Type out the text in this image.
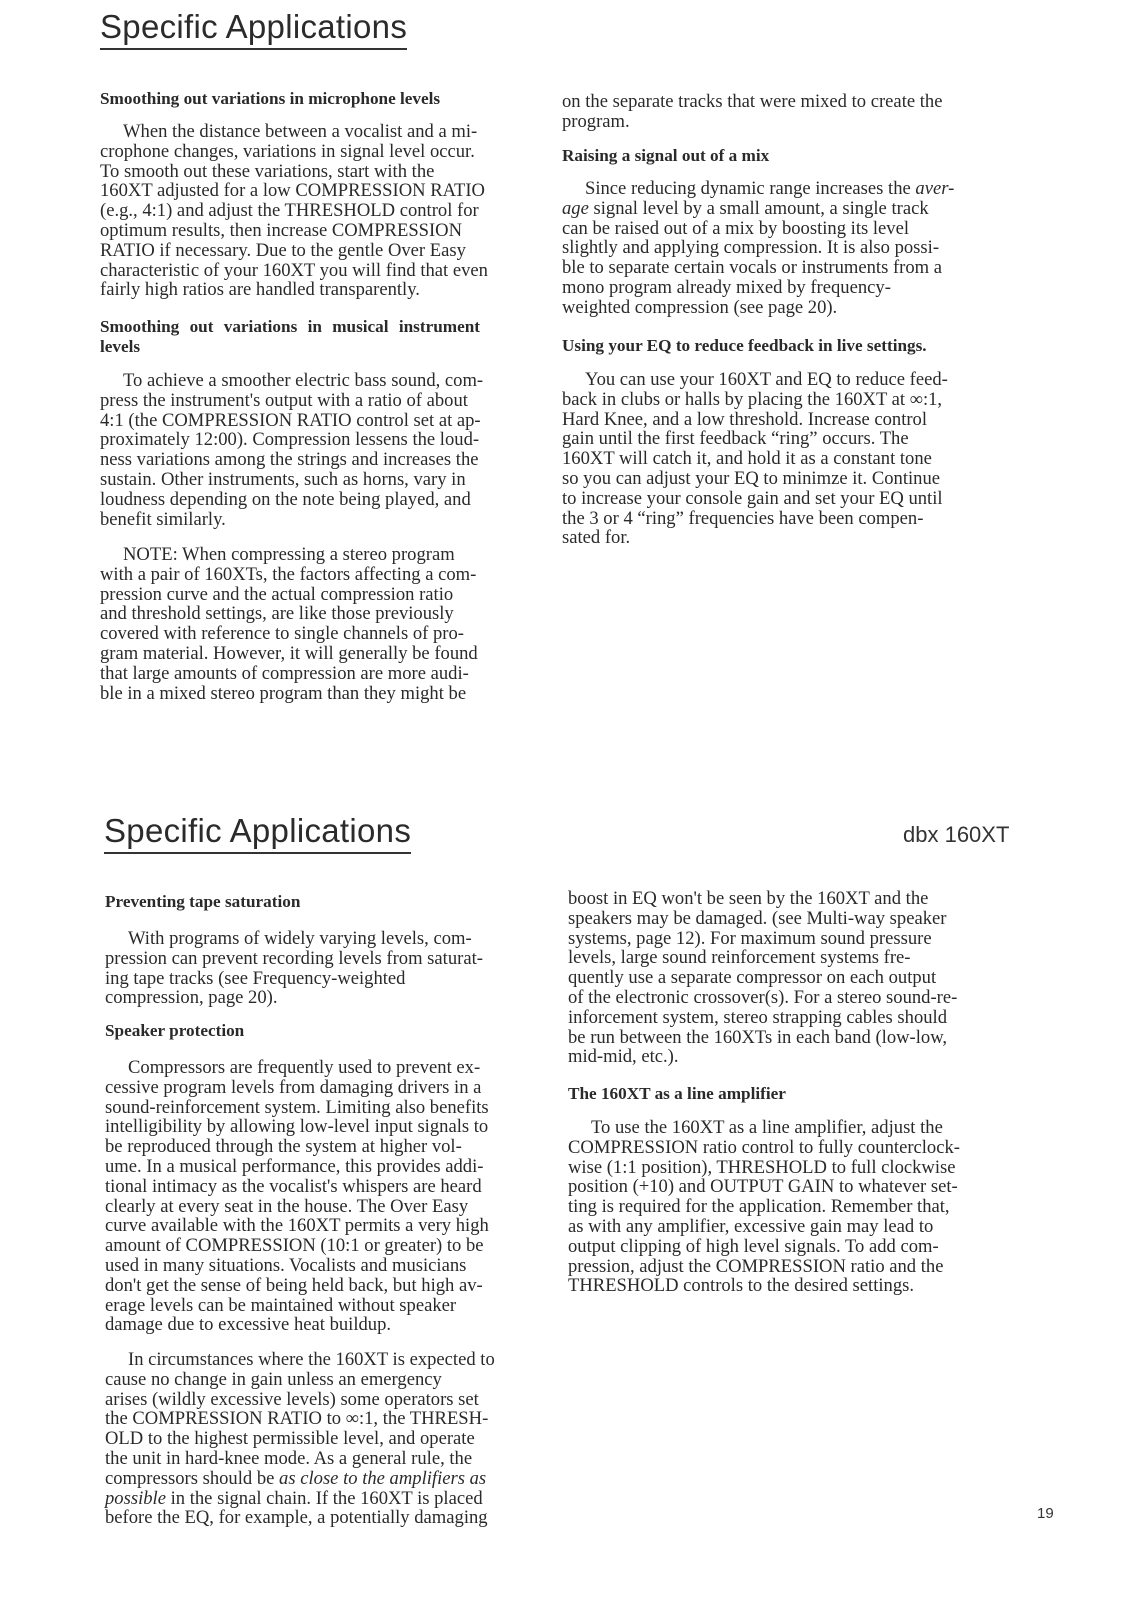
Specific Applications
Specific Applications	dbx 160XT
19
Smoothing out variations in microphone levels
When the distance between a vocalist and a mi-
crophone changes, variations in signal level occur.
To smooth out these variations, start with the
160XT adjusted for a low COMPRESSION RATIO
(e.g., 4:1) and adjust the THRESHOLD control for
optimum results, then increase COMPRESSION
RATIO if necessary. Due to the gentle Over Easy
characteristic of your 160XT you will find that even
fairly high ratios are handled transparently.
Smoothing out variations in musical instrument
levels
To achieve a smoother electric bass sound, com-
press the instrument's output with a ratio of about
4:1 (the COMPRESSION RATIO control set at ap-
proximately 12:00). Compression lessens the loud-
ness variations among the strings and increases the
sustain. Other instruments, such as horns, vary in
loudness depending on the note being played, and
benefit similarly.
NOTE: When compressing a stereo program
with a pair of 160XTs, the factors affecting a com-
pression curve and the actual compression ratio
and threshold settings, are like those previously
covered with reference to single channels of pro-
gram material. However, it will generally be found
that large amounts of compression are more audi-
ble in a mixed stereo program than they might be
on the separate tracks that were mixed to create the
program.
Raising a signal out of a mix
Since reducing dynamic range increases the aver-
age signal level by a small amount, a single track
can be raised out of a mix by boosting its level
slightly and applying compression. It is also possi-
ble to separate certain vocals or instruments from a
mono program already mixed by frequency-
weighted compression (see page 20).
Using your EQ to reduce feedback in live settings.
You can use your 160XT and EQ to reduce feed-
back in clubs or halls by placing the 160XT at ∞:1,
Hard Knee, and a low threshold. Increase control
gain until the first feedback “ring” occurs. The
160XT will catch it, and hold it as a constant tone
so you can adjust your EQ to minimze it. Continue
to increase your console gain and set your EQ until
the 3 or 4 “ring” frequencies have been compen-
sated for.
Preventing tape saturation
With programs of widely varying levels, com-
pression can prevent recording levels from saturat-
ing tape tracks (see Frequency-weighted
compression, page 20).
Speaker protection
Compressors are frequently used to prevent ex-
cessive program levels from damaging drivers in a
sound-reinforcement system. Limiting also benefits
intelligibility by allowing low-level input signals to
be reproduced through the system at higher vol-
ume. In a musical performance, this provides addi-
tional intimacy as the vocalist's whispers are heard
clearly at every seat in the house. The Over Easy
curve available with the 160XT permits a very high
amount of COMPRESSION (10:1 or greater) to be
used in many situations. Vocalists and musicians
don't get the sense of being held back, but high av-
erage levels can be maintained without speaker
damage due to excessive heat buildup.
In circumstances where the 160XT is expected to
cause no change in gain unless an emergency
arises (wildly excessive levels) some operators set
the COMPRESSION RATIO to ∞:1, the THRESH-
OLD to the highest permissible level, and operate
the unit in hard-knee mode. As a general rule, the
compressors should be as close to the amplifiers as
possible in the signal chain. If the 160XT is placed
before the EQ, for example, a potentially damaging
boost in EQ won't be seen by the 160XT and the
speakers may be damaged. (see Multi-way speaker
systems, page 12). For maximum sound pressure
levels, large sound reinforcement systems fre-
quently use a separate compressor on each output
of the electronic crossover(s). For a stereo sound-re-
inforcement system, stereo strapping cables should
be run between the 160XTs in each band (low-low,
mid-mid, etc.).
The 160XT as a line amplifier
To use the 160XT as a line amplifier, adjust the
COMPRESSION ratio control to fully counterclock-
wise (1:1 position), THRESHOLD to full clockwise
position (+10) and OUTPUT GAIN to whatever set-
ting is required for the application. Remember that,
as with any amplifier, excessive gain may lead to
output clipping of high level signals. To add com-
pression, adjust the COMPRESSION ratio and the
THRESHOLD controls to the desired settings.
